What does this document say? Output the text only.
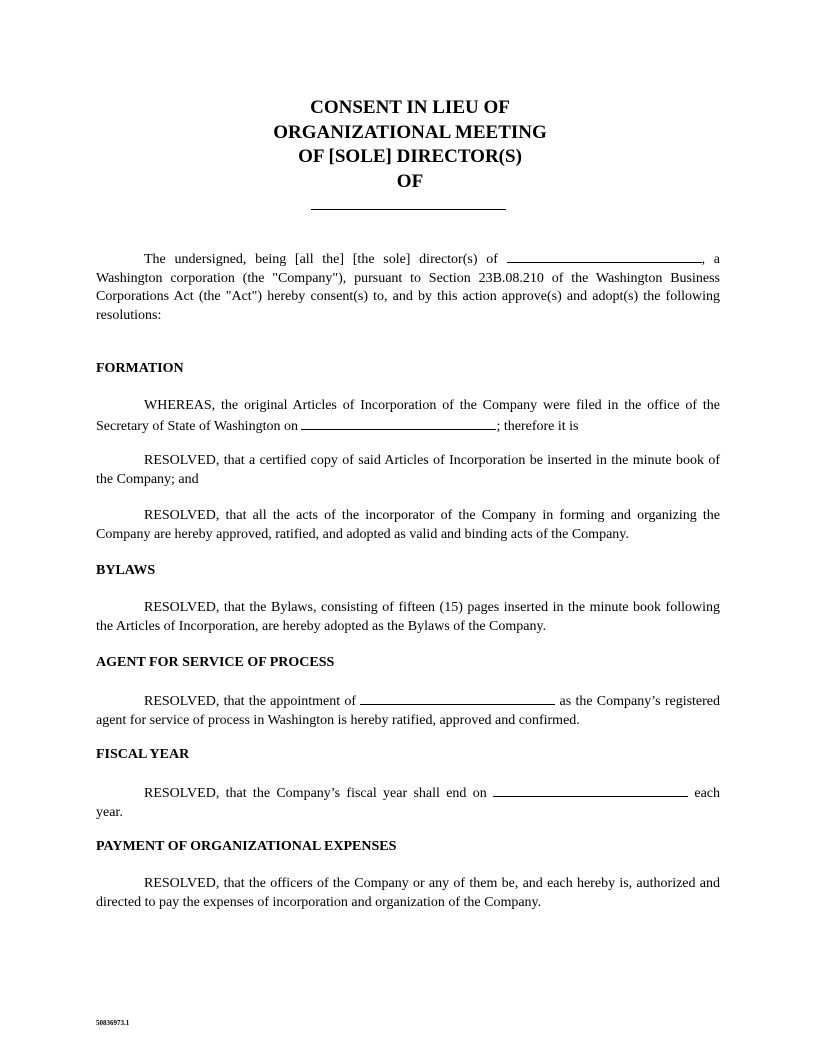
CONSENT IN LIEU OF
ORGANIZATIONAL MEETING
OF [SOLE] DIRECTOR(S)
OF
The undersigned, being [all the] [the sole] director(s) of	, a Washington corporation (the "Company"), pursuant to Section 23B.08.210 of the Washington Business Corporations Act (the "Act") hereby consent(s) to, and by this action approve(s) and adopt(s) the following resolutions:
FORMATION
WHEREAS, the original Articles of Incorporation of the Company were filed in the office of the Secretary of State of Washington on	; therefore it is
RESOLVED, that a certified copy of said Articles of Incorporation be inserted in the minute book of the Company; and
RESOLVED, that all the acts of the incorporator of the Company in forming and organizing the Company are hereby approved, ratified, and adopted as valid and binding acts of the Company.
BYLAWS
RESOLVED, that the Bylaws, consisting of fifteen (15) pages inserted in the minute book following the Articles of Incorporation, are hereby adopted as the Bylaws of the Company.
AGENT FOR SERVICE OF PROCESS
RESOLVED, that the appointment of	as the Company’s registered agent for service of process in Washington is hereby ratified, approved and confirmed.
FISCAL YEAR
RESOLVED, that the Company’s fiscal year shall end on	each year.
PAYMENT OF ORGANIZATIONAL EXPENSES
RESOLVED, that the officers of the Company or any of them be, and each hereby is, authorized and directed to pay the expenses of incorporation and organization of the Company.
50836973.1
